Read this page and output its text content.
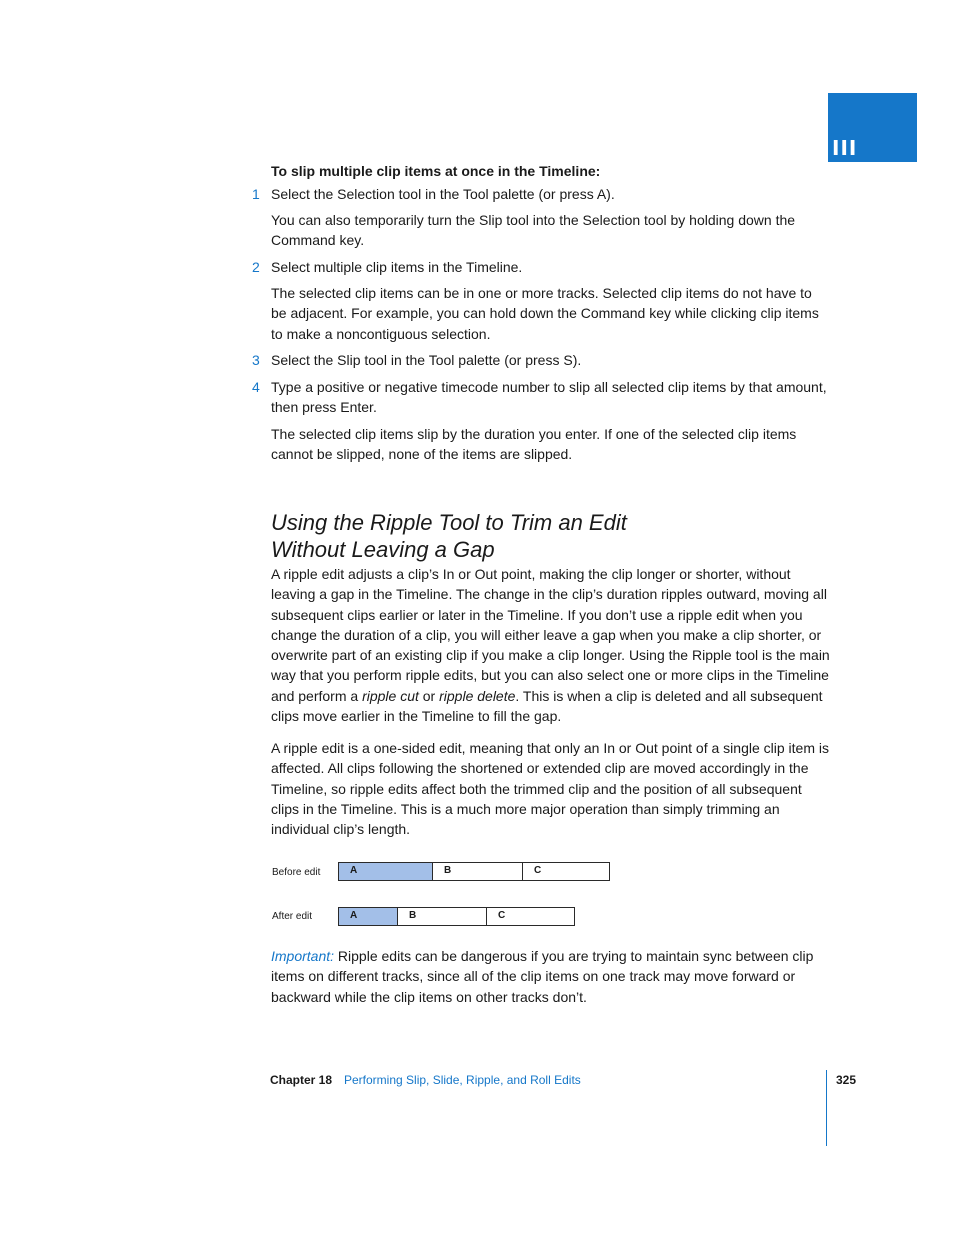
III
To slip multiple clip items at once in the Timeline:
1 Select the Selection tool in the Tool palette (or press A).
You can also temporarily turn the Slip tool into the Selection tool by holding down the Command key.
2 Select multiple clip items in the Timeline.
The selected clip items can be in one or more tracks. Selected clip items do not have to be adjacent. For example, you can hold down the Command key while clicking clip items to make a noncontiguous selection.
3 Select the Slip tool in the Tool palette (or press S).
4 Type a positive or negative timecode number to slip all selected clip items by that amount, then press Enter.
The selected clip items slip by the duration you enter. If one of the selected clip items cannot be slipped, none of the items are slipped.
Using the Ripple Tool to Trim an Edit
Without Leaving a Gap
A ripple edit adjusts a clip’s In or Out point, making the clip longer or shorter, without leaving a gap in the Timeline. The change in the clip’s duration ripples outward, moving all subsequent clips earlier or later in the Timeline. If you don’t use a ripple edit when you change the duration of a clip, you will either leave a gap when you make a clip shorter, or overwrite part of an existing clip if you make a clip longer. Using the Ripple tool is the main way that you perform ripple edits, but you can also select one or more clips in the Timeline and perform a ripple cut or ripple delete. This is when a clip is deleted and all subsequent clips move earlier in the Timeline to fill the gap.
A ripple edit is a one-sided edit, meaning that only an In or Out point of a single clip item is affected. All clips following the shortened or extended clip are moved accordingly in the Timeline, so ripple edits affect both the trimmed clip and the position of all subsequent clips in the Timeline. This is a much more major operation than simply trimming an individual clip’s length.
Before edit	A	B	C
After edit	A	B	C
Important: Ripple edits can be dangerous if you are trying to maintain sync between clip items on different tracks, since all of the clip items on one track may move forward or backward while the clip items on other tracks don’t.
Chapter 18 Performing Slip, Slide, Ripple, and Roll Edits	325
